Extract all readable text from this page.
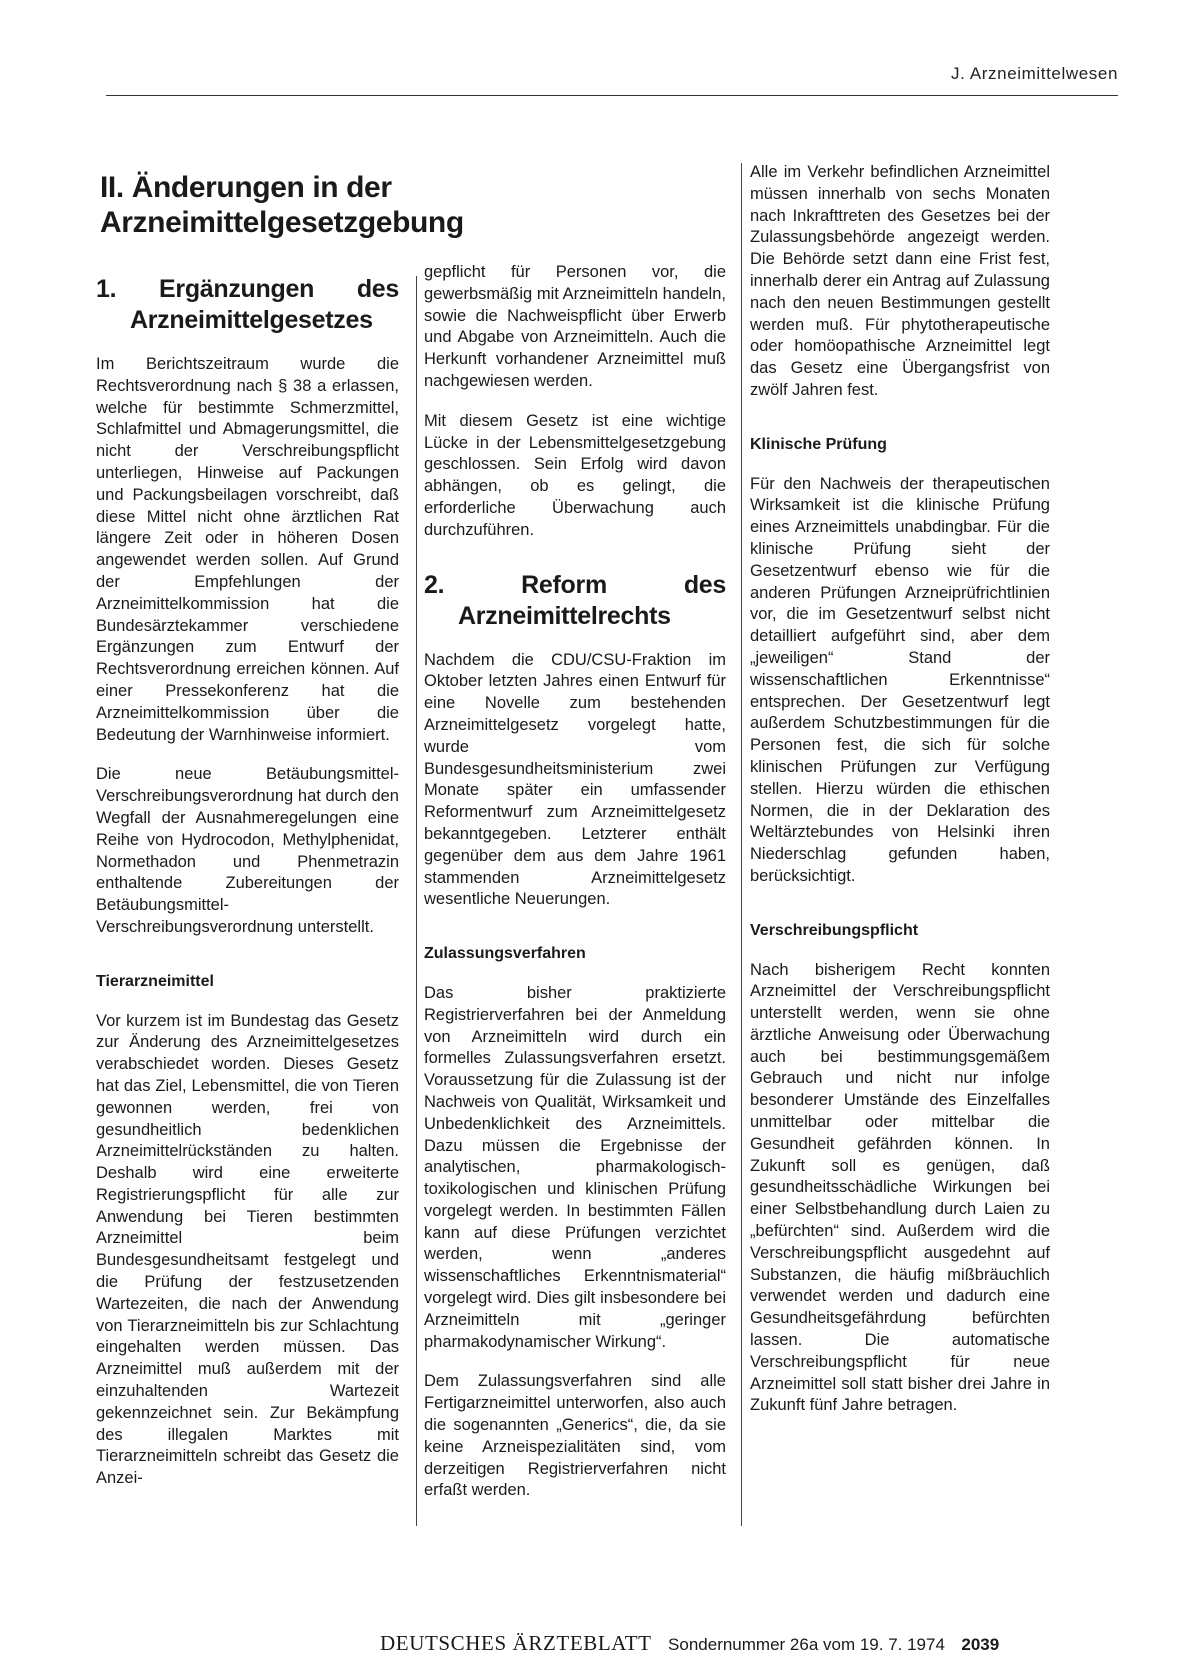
J. Arzneimittelwesen
II. Änderungen in der Arzneimittelgesetzgebung
1. Ergänzungen des Arzneimittelgesetzes

Im Berichtszeitraum wurde die Rechtsverordnung nach § 38 a erlassen, welche für bestimmte Schmerzmittel, Schlafmittel und Abmagerungsmittel, die nicht der Verschreibungspflicht unterliegen, Hinweise auf Packungen und Packungsbeilagen vorschreibt, daß diese Mittel nicht ohne ärztlichen Rat längere Zeit oder in höheren Dosen angewendet werden sollen. Auf Grund der Empfehlungen der Arzneimittelkommission hat die Bundesärztekammer verschiedene Ergänzungen zum Entwurf der Rechtsverordnung erreichen können. Auf einer Pressekonferenz hat die Arzneimittelkommission über die Bedeutung der Warnhinweise informiert.

Die neue Betäubungsmittel-Verschreibungsverordnung hat durch den Wegfall der Ausnahmeregelungen eine Reihe von Hydrocodon, Methylphenidat, Normethadon und Phenmetrazin enthaltende Zubereitungen der Betäubungsmittel-Verschreibungsverordnung unterstellt.

Tierarzneimittel

Vor kurzem ist im Bundestag das Gesetz zur Änderung des Arzneimittelgesetzes verabschiedet worden. Dieses Gesetz hat das Ziel, Lebensmittel, die von Tieren gewonnen werden, frei von gesundheitlich bedenklichen Arzneimittelrückständen zu halten. Deshalb wird eine erweiterte Registrierungspflicht für alle zur Anwendung bei Tieren bestimmten Arzneimittel beim Bundesgesundheitsamt festgelegt und die Prüfung der festzusetzenden Wartezeiten, die nach der Anwendung von Tierarzneimitteln bis zur Schlachtung eingehalten werden müssen. Das Arzneimittel muß außerdem mit der einzuhaltenden Wartezeit gekennzeichnet sein. Zur Bekämpfung des illegalen Marktes mit Tierarzneimitteln schreibt das Gesetz die Anzei-

gepflicht für Personen vor, die gewerbsmäßig mit Arzneimitteln handeln, sowie die Nachweispflicht über Erwerb und Abgabe von Arzneimitteln. Auch die Herkunft vorhandener Arzneimittel muß nachgewiesen werden.

Mit diesem Gesetz ist eine wichtige Lücke in der Lebensmittelgesetzgebung geschlossen. Sein Erfolg wird davon abhängen, ob es gelingt, die erforderliche Überwachung auch durchzuführen.

2. Reform des Arzneimittelrechts

Nachdem die CDU/CSU-Fraktion im Oktober letzten Jahres einen Entwurf für eine Novelle zum bestehenden Arzneimittelgesetz vorgelegt hatte, wurde vom Bundesgesundheitsministerium zwei Monate später ein umfassender Reformentwurf zum Arzneimittelgesetz bekanntgegeben. Letzterer enthält gegenüber dem aus dem Jahre 1961 stammenden Arzneimittelgesetz wesentliche Neuerungen.

Zulassungsverfahren

Das bisher praktizierte Registrierverfahren bei der Anmeldung von Arzneimitteln wird durch ein formelles Zulassungsverfahren ersetzt. Voraussetzung für die Zulassung ist der Nachweis von Qualität, Wirksamkeit und Unbedenklichkeit des Arzneimittels. Dazu müssen die Ergebnisse der analytischen, pharmakologisch-toxikologischen und klinischen Prüfung vorgelegt werden. In bestimmten Fällen kann auf diese Prüfungen verzichtet werden, wenn „anderes wissenschaftliches Erkenntnismaterial“ vorgelegt wird. Dies gilt insbesondere bei Arzneimitteln mit „geringer pharmakodynamischer Wirkung“.

Dem Zulassungsverfahren sind alle Fertigarzneimittel unterworfen, also auch die sogenannten „Generics“, die, da sie keine Arzneispezialitäten sind, vom derzeitigen Registrierverfahren nicht erfaßt werden.

Alle im Verkehr befindlichen Arzneimittel müssen innerhalb von sechs Monaten nach Inkrafttreten des Gesetzes bei der Zulassungsbehörde angezeigt werden. Die Behörde setzt dann eine Frist fest, innerhalb derer ein Antrag auf Zulassung nach den neuen Bestimmungen gestellt werden muß. Für phytotherapeutische oder homöopathische Arzneimittel legt das Gesetz eine Übergangsfrist von zwölf Jahren fest.

Klinische Prüfung

Für den Nachweis der therapeutischen Wirksamkeit ist die klinische Prüfung eines Arzneimittels unabdingbar. Für die klinische Prüfung sieht der Gesetzentwurf ebenso wie für die anderen Prüfungen Arzneiprüfrichtlinien vor, die im Gesetzentwurf selbst nicht detailliert aufgeführt sind, aber dem „jeweiligen“ Stand der wissenschaftlichen Erkenntnisse“ entsprechen. Der Gesetzentwurf legt außerdem Schutzbestimmungen für die Personen fest, die sich für solche klinischen Prüfungen zur Verfügung stellen. Hierzu würden die ethischen Normen, die in der Deklaration des Weltärztebundes von Helsinki ihren Niederschlag gefunden haben, berücksichtigt.

Verschreibungspflicht

Nach bisherigem Recht konnten Arzneimittel der Verschreibungspflicht unterstellt werden, wenn sie ohne ärztliche Anweisung oder Überwachung auch bei bestimmungsgemäßem Gebrauch und nicht nur infolge besonderer Umstände des Einzelfalles unmittelbar oder mittelbar die Gesundheit gefährden können. In Zukunft soll es genügen, daß gesundheitsschädliche Wirkungen bei einer Selbstbehandlung durch Laien zu „befürchten“ sind. Außerdem wird die Verschreibungspflicht ausgedehnt auf Substanzen, die häufig mißbräuchlich verwendet werden und dadurch eine Gesundheitsgefährdung befürchten lassen. Die automatische Verschreibungspflicht für neue Arzneimittel soll statt bisher drei Jahre in Zukunft fünf Jahre betragen.

DEUTSCHES ÄRZTEBLATT Sondernummer 26a vom 19. 7. 1974 2039
